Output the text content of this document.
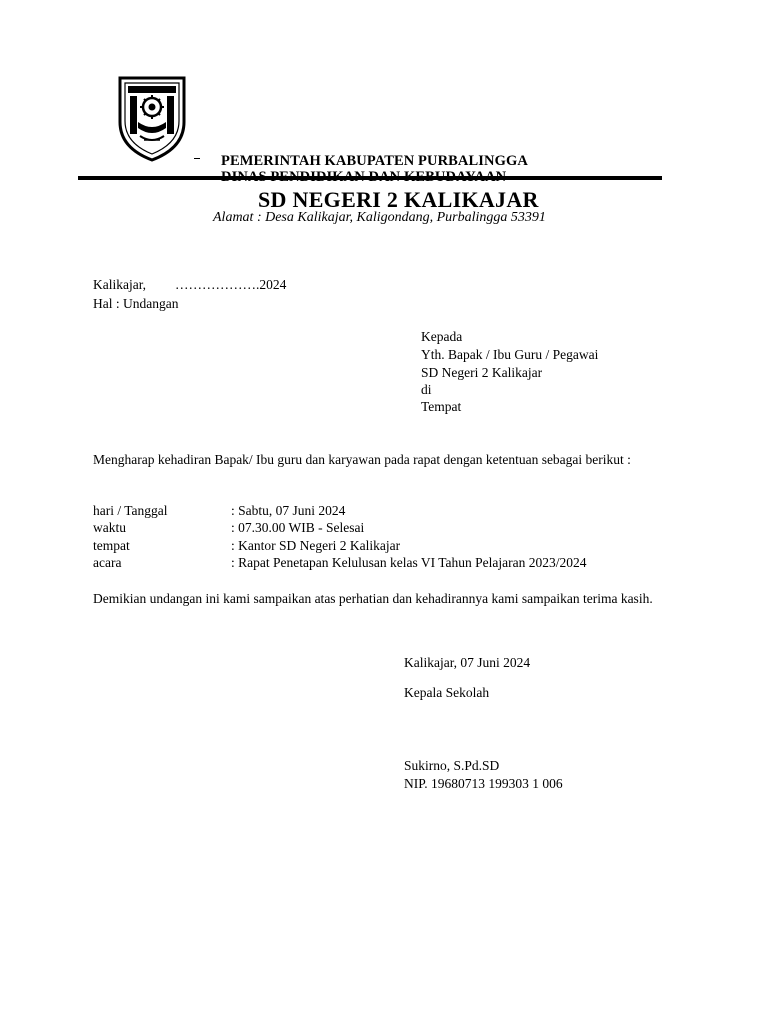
PEMERINTAH KABUPATEN PURBALINGGA
SD NEGERI 2 KALIKAJAR
Alamat : Desa Kalikajar, Kaligondang, Purbalingga 53391
Kalikajar, ……………….2024
Hal : Undangan
Kepada
Yth. Bapak / Ibu Guru / Pegawai
SD Negeri 2 Kalikajar
di
Tempat
Mengharap kehadiran Bapak/ Ibu guru dan karyawan pada rapat dengan ketentuan sebagai berikut :
hari / Tanggal	: Sabtu, 07 Juni 2024
waktu	: 07.30.00 WIB - Selesai
tempat	: Kantor SD Negeri 2 Kalikajar
acara	: Rapat Penetapan Kelulusan kelas VI Tahun Pelajaran 2023/2024
Demikian undangan ini kami sampaikan atas perhatian dan kehadirannya kami sampaikan terima kasih.
Kalikajar, 07 Juni 2024
Kepala Sekolah
Sukirno, S.Pd.SD
NIP. 19680713 199303 1 006
